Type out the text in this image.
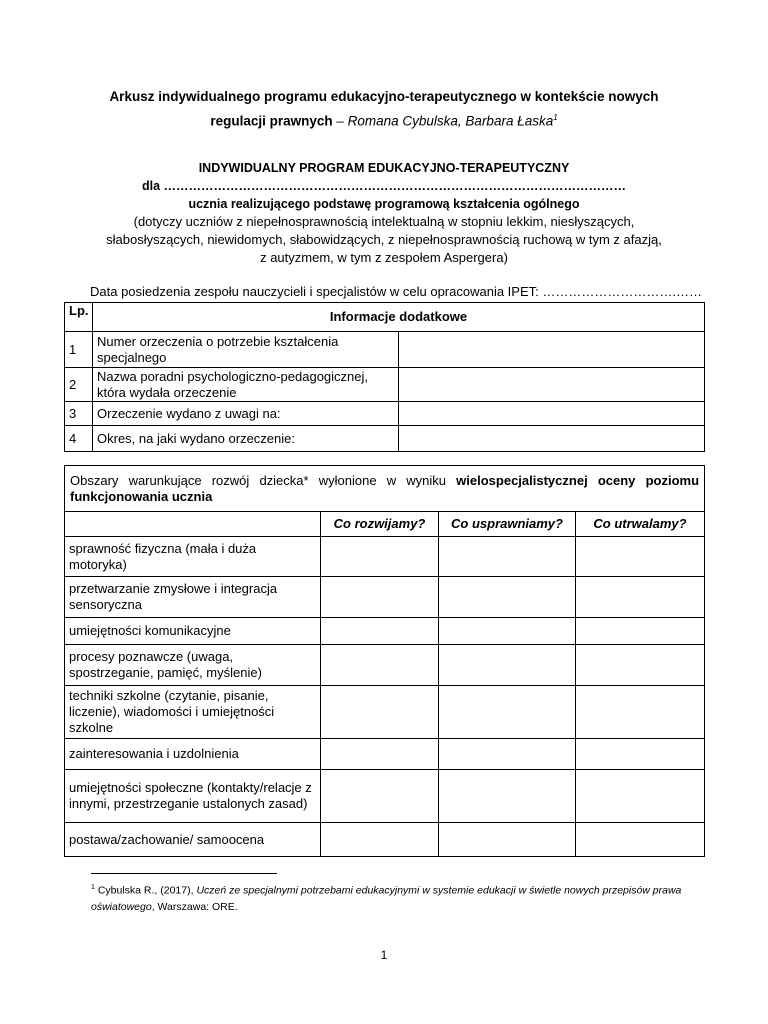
Arkusz indywidualnego programu edukacyjno-terapeutycznego w kontekście nowych
regulacji prawnych – Romana Cybulska, Barbara Łaska$^1$
INDYWIDUALNY PROGRAM EDUKACYJNO-TERAPEUTYCZNY
dla …………………………………………………………………………………………………
ucznia realizującego podstawę programową kształcenia ogólnego
(dotyczy uczniów z niepełnosprawnością intelektualną w stopniu lekkim, niesłyszących,
słabosłyszących, niewidomych, słabowidzących, z niepełnosprawnością ruchową w tym z afazją,
z autyzmem, w tym z zespołem Aspergera)
Data posiedzenia zespołu nauczycieli i specjalistów w celu opracowania IPET: ………………………….……
Lp.	Informacje dodatkowe	
1	Numer orzeczenia o potrzebie kształcenia specjalnego	
2	Nazwa poradni psychologiczno-pedagogicznej, która wydała orzeczenie	
3	Orzeczenie wydano z uwagi na:	
4	Okres, na jaki wydano orzeczenie:	
Obszary warunkujące rozwój dziecka* wyłonione w wyniku wielospecjalistycznej oceny poziomu funkcjonowania ucznia			
	Co rozwijamy?	Co usprawniamy?	Co utrwalamy?
sprawność fizyczna (mała i duża motoryka)			
przetwarzanie zmysłowe i integracja sensoryczna			
umiejętności komunikacyjne			
procesy poznawcze (uwaga, spostrzeganie, pamięć, myślenie)			
techniki szkolne (czytanie, pisanie, liczenie), wiadomości i umiejętności szkolne			
zainteresowania i uzdolnienia			
umiejętności społeczne (kontakty/relacje z innymi, przestrzeganie ustalonych zasad)			
postawa/zachowanie/ samoocena			
$^1$ Cybulska R., (2017), Uczeń ze specjalnymi potrzebami edukacyjnymi w systemie edukacji w świetle nowych przepisów prawa oświatowego, Warszawa: ORE.
1
